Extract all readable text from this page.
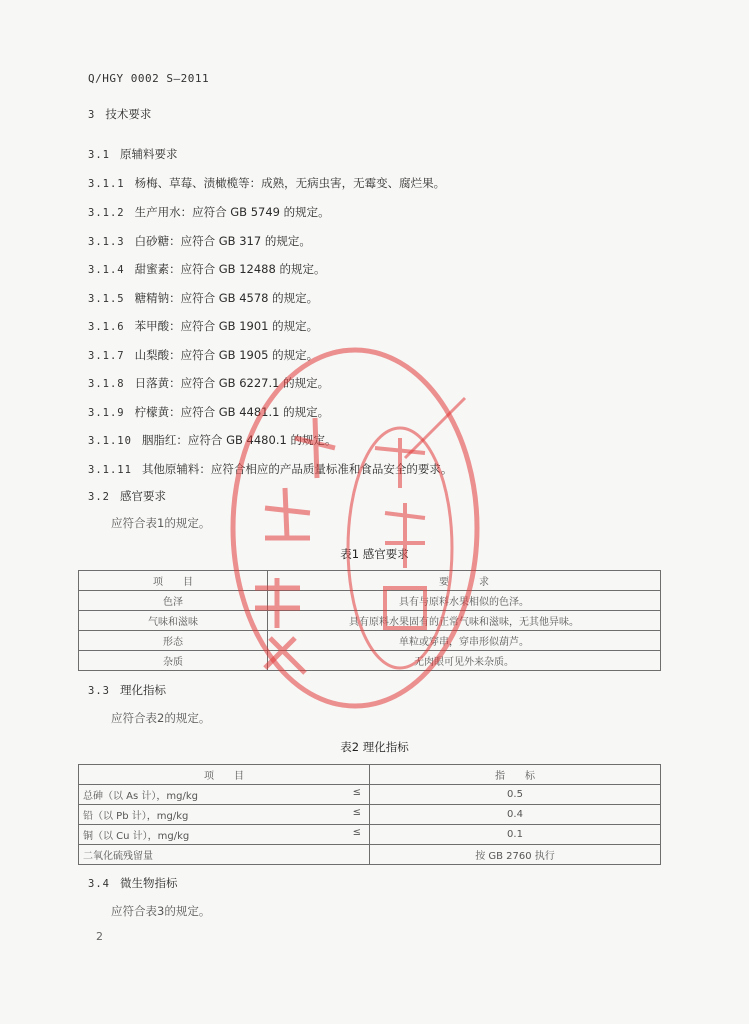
Q/HGY 0002 S—2011
3 技术要求
3.1 原辅料要求
3.1.1 杨梅、草莓、渍橄榄等：成熟，无病虫害，无霉变、腐烂果。
3.1.2 生产用水：应符合 GB 5749 的规定。
3.1.3 白砂糖：应符合 GB 317 的规定。
3.1.4 甜蜜素：应符合 GB 12488 的规定。
3.1.5 糖精钠：应符合 GB 4578 的规定。
3.1.6 苯甲酸：应符合 GB 1901 的规定。
3.1.7 山梨酸：应符合 GB 1905 的规定。
3.1.8 日落黄：应符合 GB 6227.1 的规定。
3.1.9 柠檬黄：应符合 GB 4481.1 的规定。
3.1.10 胭脂红：应符合 GB 4480.1 的规定。
3.1.11 其他原辅料：应符合相应的产品质量标准和食品安全的要求。
3.2 感官要求
应符合表1的规定。
表1 感官要求
项　　目	要　　　求
色泽	具有与原料水果相似的色泽。
气味和滋味	具有原料水果固有的正常气味和滋味，无其他异味。
形态	单粒或穿串，穿串形似葫芦。
杂质	无肉眼可见外来杂质。
3.3 理化指标
应符合表2的规定。
表2 理化指标
项　　目	指　　标
总砷（以 As 计），mg/kg ≤	0.5
铅（以 Pb 计），mg/kg ≤	0.4
铜（以 Cu 计），mg/kg ≤	0.1
二氧化硫残留量	按 GB 2760 执行
3.4 微生物指标
应符合表3的规定。
2
